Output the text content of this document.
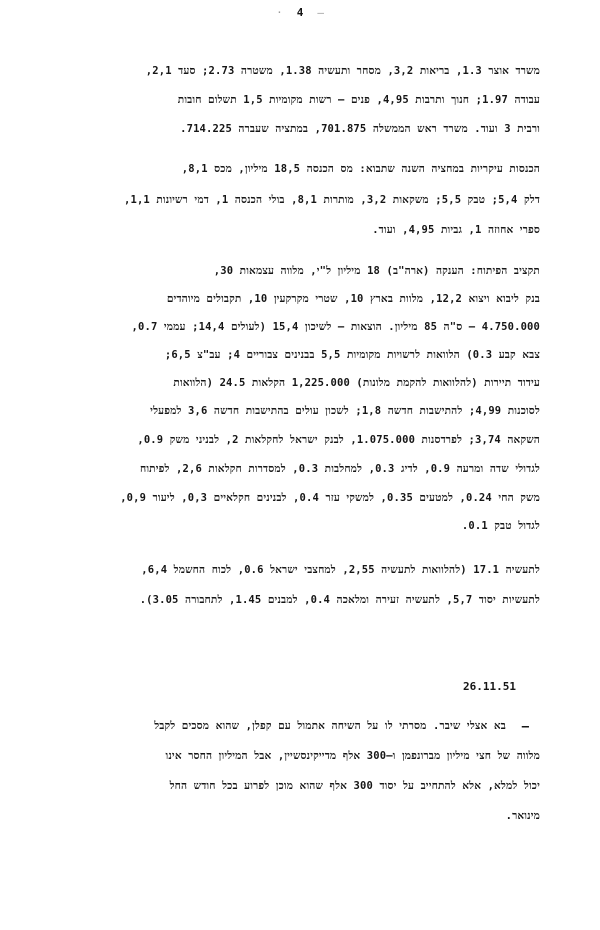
· 4 –
משרד אוצר 1.3, בריאות 3,2, מסחר ותעשיה 1.38, משטרה 2.73; סעד 2,1,
עבודה 1.97; חנוך ותרבות 4,95, פנים – רשות מקומיות 1,5 תשלום חובות
ורבית 3 ועוד. משרד ראש הממשלה 701.875, במתציה שעברה 714.225.
הכנסות עיקריות במחציה השנה שתבוא: מס הכנסה 18,5 מיליון, מכס 8,1,
דלק 5,4; טבק 5,5; משקאות 3,2, מותרות 8,1, בולי הכנסה 1, דמי רשיונות 1,1,
ספרי אחוזה 1, גביות 4,95, ועוד.
תקציב הפיתוח: הענקה (ארה"ב) 18 מיליון ל"י, מלווה עצמאות 30,
בנק ליבוא ויצוא 12,2, מלוות בארץ 10, שטרי מקרקעין 10, תקבולים מיוהדים
4.750.000 – ס"ה 85 מיליון. הוצאות – לשיכון 15,4 (לעולים 14,4; עממי 0.7,
צבא קבע 0.3) הלוואות לרשויות מקומיות 5,5 בבנינים צבוריים 4; עב"צ 6,5;
עידוד תיירות (להלוואות להקמת מלונות) 1,225.000 הקלאות 24.5 (הלוואות
לסוכנות 4,99; להתישבות חדשה 1,8; לשכון עולים בהתישבות חדשה 3,6 למפעלי
השקאה 3,74; לפרדסנות 1.075.000, לבנק ישראל לחקלאות 2, לבניני משק 0.9,
לגדולי שדה ומרעה 0.9, לדיג 0.3, למחלבות 0.3, למסדרות חקלאות 2,6, לפיתוח
משק החי 0.24, למטעים 0.35, למשקי עזר 0.4, לבנינים חקלאיים 0,3, ליעור 0,9,
לגדול טבק 0.1.
לתעשיה 17.1 (להלוואות לתעשיה 2,55, למחצבי ישראל 0.6, לכוח החשמל 6,4,
לתעשיות יסוד 5,7, לתעשיה זעירה ומלאכה 0.4, למבנים 1.45, לתחבורה 3.05).
26.11.51
–
בא אצלי שיבר. מסרתי לו על השיחה אתמול עם קפלן, שהוא מסכים לקבל
מלווה של חצי מיליון מברונפמן ו–300 אלף מדייקינסשיין, אבל המיליון החסר אינו
יכול למלא, אלא להתחייב על יסוד 300 אלף שהוא מוכן לפרוע בכל חודש החל
מינואר.
